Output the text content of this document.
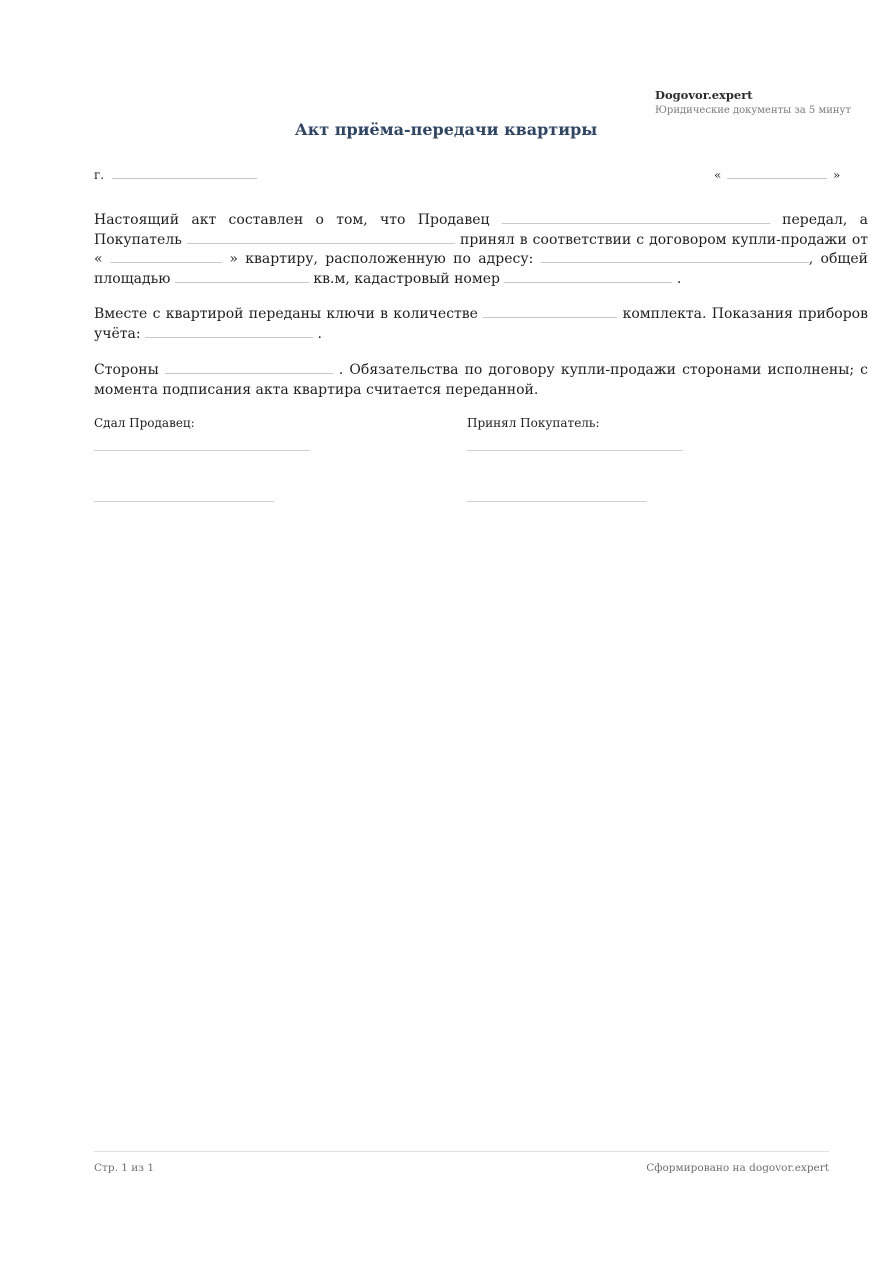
Dogovor.expert
Юридические документы за 5 минут
Акт приёма-передачи квартиры
г.	«	»
Настоящий акт составлен о том, что Продавец	передал, а Покупатель	принял в соответствии с договором купли-продажи от «	» квартиру, расположенную по адресу:	, общей площадью	кв.м, кадастровый номер	.
Вместе с квартирой переданы ключи в количестве	комплекта. Показания приборов учёта:	.
Стороны	. Обязательства по договору купли-продажи сторонами исполнены; с момента подписания акта квартира считается переданной.
Сдал Продавец:	Принял Покупатель:
Стр. 1 из 1	Сформировано на dogovor.expert
